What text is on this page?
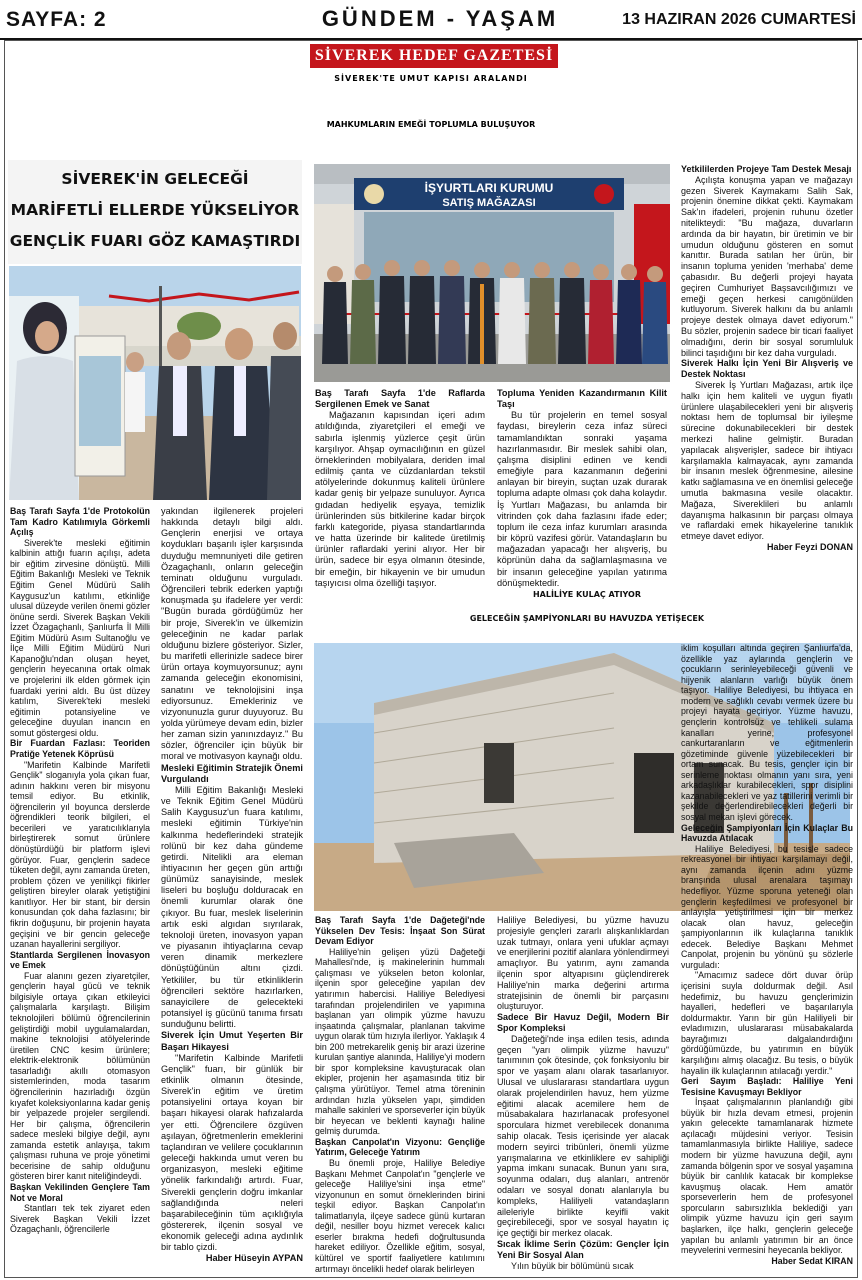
SAYFA: 2	GÜNDEM - YAŞAM	13 HAZIRAN 2026 CUMARTESİ
SİVEREK HEDEF GAZETESİ
SİVEREK'TE UMUT KAPISI ARALANDI
MAHKUMLARIN EMEĞİ TOPLUMLA BULUŞUYOR
SİVEREK'İN GELECEĞİ
MARİFETLİ ELLERDE YÜKSELİYOR
GENÇLİK FUARI GÖZ KAMAŞTIRDI
İŞYURTLARI KURUMU
SATIŞ MAĞAZASI

Baş Tarafı Sayfa 1'de Protokolün Tam Kadro Katılımıyla Görkemli Açılış

Siverek'te mesleki eğitimin kalbinin attığı fuarın açılışı, adeta bir eğitim zirvesine dönüştü. Milli Eğitim Bakanlığı Mesleki ve Teknik Eğitim Genel Müdürü Salih Kaygusuz'un katılımı, etkinliğe ulusal düzeyde verilen önemi gözler önüne serdi. Siverek Başkan Vekili İzzet Özagaçhanlı, Şanlıurfa İl Milli Eğitim Müdürü Asım Sultanoğlu ve İlçe Milli Eğitim Müdürü Nuri Kapanoğlu'ndan oluşan heyet, gençlerin heyecanına ortak olmak ve projelerini ilk elden görmek için fuardaki yerini aldı. Bu üst düzey katılım, Siverek'teki mesleki eğitimin potansiyeline ve geleceğine duyulan inancın en somut göstergesi oldu.

Bir Fuardan Fazlası: Teoriden Pratiğe Yetenek Köprüsü

"Marifetin Kalbinde Marifetli Gençlik" sloganıyla yola çıkan fuar, adının hakkını veren bir misyonu temsil ediyor. Bu etkinlik, öğrencilerin yıl boyunca derslerde öğrendikleri teorik bilgileri, el becerileri ve yaratıcılıklarıyla birleştirerek somut ürünlere dönüştürdüğü bir platform işlevi görüyor. Fuar, gençlerin sadece tüketen değil, aynı zamanda üreten, problem çözen ve yenilikçi fikirler geliştiren bireyler olarak yetiştiğini kanıtlıyor. Her bir stant, bir dersin konusundan çok daha fazlasını; bir fikrin doğuşunu, bir projenin hayata geçişini ve bir gencin geleceğe uzanan hayallerini sergiliyor.

Stantlarda Sergilenen İnovasyon ve Emek

Fuar alanını gezen ziyaretçiler, gençlerin hayal gücü ve teknik bilgisiyle ortaya çıkan etkileyici çalışmalarla karşılaştı. Bilişim teknolojileri bölümü öğrencilerinin geliştirdiği mobil uygulamalardan, makine teknolojisi atölyelerinde üretilen CNC kesim ürünlere; elektrik-elektronik bölümünün tasarladığı akıllı otomasyon sistemlerinden, moda tasarım öğrencilerinin hazırladığı özgün kıyafet koleksiyonlarına kadar geniş bir yelpazede projeler sergilendi. Her bir çalışma, öğrencilerin sadece mesleki bilgiye değil, aynı zamanda estetik anlayışa, takım çalışması ruhuna ve proje yönetimi becerisine de sahip olduğunu gösteren birer kanıt niteliğindeydi.

Başkan Vekilinden Gençlere Tam Not ve Moral

Stantları tek tek ziyaret eden Siverek Başkan Vekili İzzet Özagaçhanlı, öğrencilerle

yakından ilgilenerek projeleri hakkında detaylı bilgi aldı. Gençlerin enerjisi ve ortaya koydukları başarılı işler karşısında duyduğu memnuniyeti dile getiren Özagaçhanlı, onların geleceğin teminatı olduğunu vurguladı. Öğrencileri tebrik ederken yaptığı konuşmada şu ifadelere yer verdi: "Bugün burada gördüğümüz her bir proje, Siverek'in ve ülkemizin geleceğinin ne kadar parlak olduğunu bizlere gösteriyor. Sizler, bu marifetli ellerinizle sadece birer ürün ortaya koymuyorsunuz; aynı zamanda geleceğin ekonomisini, sanatını ve teknolojisini inşa ediyorsunuz. Emekleriniz ve vizyonunuzla gurur duyuyoruz. Bu yolda yürümeye devam edin, bizler her zaman sizin yanınızdayız." Bu sözler, öğrenciler için büyük bir moral ve motivasyon kaynağı oldu.

Mesleki Eğitimin Stratejik Önemi Vurgulandı

Milli Eğitim Bakanlığı Mesleki ve Teknik Eğitim Genel Müdürü Salih Kaygusuz'un fuara katılımı, mesleki eğitimin Türkiye'nin kalkınma hedeflerindeki stratejik rolünü bir kez daha gündeme getirdi. Nitelikli ara eleman ihtiyacının her geçen gün arttığı günümüz sanayisinde, meslek liseleri bu boşluğu dolduracak en önemli kurumlar olarak öne çıkıyor. Bu fuar, meslek liselerinin artık eski algıdan sıyrılarak, teknoloji üreten, inovasyon yapan ve piyasanın ihtiyaçlarına cevap veren dinamik merkezlere dönüştüğünün altını çizdi. Yetkililer, bu tür etkinliklerin öğrencileri sektöre hazırlarken, sanayicilere de gelecekteki potansiyel iş gücünü tanıma fırsatı sunduğunu belirtti.

Siverek İçin Umut Yeşerten Bir Başarı Hikayesi

"Marifetin Kalbinde Marifetli Gençlik" fuarı, bir günlük bir etkinlik olmanın ötesinde, Siverek'in eğitim ve üretim potansiyelini ortaya koyan bir başarı hikayesi olarak hafızalarda yer etti. Öğrencilere özgüven aşılayan, öğretmenlerin emeklerini taçlandıran ve velilere çocuklarının geleceği hakkında umut veren bu organizasyon, mesleki eğitime yönelik farkındalığı artırdı. Fuar, Siverekli gençlerin doğru imkanlar sağlandığında neleri başarabileceğinin tüm açıklığıyla göstererek, ilçenin sosyal ve ekonomik geleceği adına aydınlık bir tablo çizdi.

Haber Hüseyin AYPAN

Baş Tarafı Sayfa 1'de Raflarda Sergilenen Emek ve Sanat

Mağazanın kapısından içeri adım atıldığında, ziyaretçileri el emeği ve sabırla işlenmiş yüzlerce çeşit ürün karşılıyor. Ahşap oymacılığının en güzel örneklerinden mobilyalara, deriden imal edilmiş çanta ve cüzdanlardan tekstil atölyelerinde dokunmuş kaliteli ürünlere kadar geniş bir yelpaze sunuluyor. Ayrıca gıdadan hediyelik eşyaya, temizlik ürünlerinden süs bitkilerine kadar birçok farklı kategoride, piyasa standartlarında ve hatta üzerinde bir kalitede üretilmiş ürünler raflardaki yerini alıyor. Her bir ürün, sadece bir eşya olmanın ötesinde, bir emeğin, bir hikayenin ve bir umudun taşıyıcısı olma özelliği taşıyor.

Topluma Yeniden Kazandırmanın Kilit Taşı

Bu tür projelerin en temel sosyal faydası, bireylerin ceza infaz süreci tamamlandıktan sonraki yaşama hazırlanmasıdır. Bir meslek sahibi olan, çalışma disiplini edinen ve kendi emeğiyle para kazanmanın değerini anlayan bir bireyin, suçtan uzak durarak topluma adapte olması çok daha kolaydır. İş Yurtları Mağazası, bu anlamda bir vitrinden çok daha fazlasını ifade eder; toplum ile ceza infaz kurumları arasında bir köprü vazifesi görür. Vatandaşların bu mağazadan yapacağı her alışveriş, bu köprünün daha da sağlamlaşmasına ve bir insanın geleceğine yapılan yatırıma dönüşmektedir.

Yetkililerden Projeye Tam Destek Mesajı

Açılışta konuşma yapan ve mağazayı gezen Siverek Kaymakamı Salih Sak, projenin önemine dikkat çekti. Kaymakam Sak'ın ifadeleri, projenin ruhunu özetler nitelikteydi: "Bu mağaza, duvarların ardında da bir hayatın, bir üretimin ve bir umudun olduğunu gösteren en somut kanıttır. Burada satılan her ürün, bir insanın topluma yeniden 'merhaba' deme çabasıdır. Bu değerli projeyi hayata geçiren Cumhuriyet Başsavcılığımızı ve emeği geçen herkesi canıgönülden kutluyorum. Siverek halkını da bu anlamlı projeye destek olmaya davet ediyorum." Bu sözler, projenin sadece bir ticari faaliyet olmadığını, derin bir sosyal sorumluluk bilinci taşıdığını bir kez daha vurguladı.

Siverek Halkı İçin Yeni Bir Alışveriş ve Destek Noktası

Siverek İş Yurtları Mağazası, artık ilçe halkı için hem kaliteli ve uygun fiyatlı ürünlere ulaşabilecekleri yeni bir alışveriş noktası hem de toplumsal bir iyileşme sürecine dokunabilecekleri bir destek merkezi haline gelmiştir. Buradan yapılacak alışverişler, sadece bir ihtiyacı karşılamakla kalmayacak, aynı zamanda bir insanın meslek öğrenmesine, ailesine katkı sağlamasına ve en önemlisi geleceğe umutla bakmasına vesile olacaktır. Mağaza, Sivereklileri bu anlamlı dayanışma halkasının bir parçası olmaya ve raflardaki emek hikayelerine tanıklık etmeye davet ediyor.

Haber Feyzi DONAN

HALİLİYE KULAÇ ATIYOR
GELECEĞİN ŞAMPİYONLARI BU HAVUZDA YETİŞECEK

Baş Tarafı Sayfa 1'de Dağeteği'nde Yükselen Dev Tesis: İnşaat Son Sürat Devam Ediyor

Haliliye'nin gelişen yüzü Dağeteği Mahallesi'nde, iş makinelerinin hummalı çalışması ve yükselen beton kolonlar, ilçenin spor geleceğine yapılan dev yatırımın habercisi. Haliliye Belediyesi tarafından projelendirilen ve yapımına başlanan yarı olimpik yüzme havuzu inşaatında çalışmalar, planlanan takvime uygun olarak tüm hızıyla ilerliyor. Yaklaşık 4 bin 200 metrekarelik geniş bir arazi üzerine kurulan şantiye alanında, Haliliye'yi modern bir spor kompleksine kavuşturacak olan ekipler, projenin her aşamasında titiz bir çalışma yürütüyor. Temel atma töreninin ardından hızla yükselen yapı, şimdiden mahalle sakinleri ve sporseverler için büyük bir heyecan ve beklenti kaynağı haline gelmiş durumda.

Başkan Canpolat'ın Vizyonu: Gençliğe Yatırım, Geleceğe Yatırım

Bu önemli proje, Haliliye Belediye Başkanı Mehmet Canpolat'ın "gençlerle ve geleceğe Haliliye'sini inşa etme" vizyonunun en somut örneklerinden birini teşkil ediyor. Başkan Canpolat'ın talimatlarıyla, ilçeye sadece günü kurtaran değil, nesiller boyu hizmet verecek kalıcı eserler bırakma hedefi doğrultusunda hareket ediliyor. Özellikle eğitim, sosyal, kültürel ve sportif faaliyetlere katılımını artırmayı öncelikli hedef olarak belirleyen

Haliliye Belediyesi, bu yüzme havuzu projesiyle gençleri zararlı alışkanlıklardan uzak tutmayı, onlara yeni ufuklar açmayı ve enerjilerini pozitif alanlara yönlendirmeyi amaçlıyor. Bu yatırım, aynı zamanda ilçenin spor altyapısını güçlendirerek Haliliye'nin marka değerini artırma stratejisinin de önemli bir parçasını oluşturuyor.

Sadece Bir Havuz Değil, Modern Bir Spor Kompleksi

Dağeteği'nde inşa edilen tesis, adında geçen "yarı olimpik yüzme havuzu" tanımının çok ötesinde, çok fonksiyonlu bir spor ve yaşam alanı olarak tasarlanıyor. Ulusal ve uluslararası standartlara uygun olarak projelendirilen havuz, hem yüzme eğitimi alacak acemilere hem de müsabakalara hazırlanacak profesyonel sporculara hizmet verebilecek donanıma sahip olacak. Tesis içerisinde yer alacak modern seyirci tribünleri, önemli yüzme yarışmalarına ve etkinliklere ev sahipliği yapma imkanı sunacak. Bunun yanı sıra, soyunma odaları, duş alanları, antrenör odaları ve sosyal donatı alanlarıyla bu kompleks, Haliliyeli vatandaşların aileleriyle birlikte keyifli vakit geçirebileceği, spor ve sosyal hayatın iç içe geçtiği bir merkez olacak.

Sıcak İklime Serin Çözüm: Gençler İçin Yeni Bir Sosyal Alan

Yılın büyük bir bölümünü sıcak

iklim koşulları altında geçiren Şanlıurfa'da, özellikle yaz aylarında gençlerin ve çocukların serinleyebileceği güvenli ve hijyenik alanların varlığı büyük önem taşıyor. Haliliye Belediyesi, bu ihtiyaca en modern ve sağlıklı cevabı vermek üzere bu projeyi hayata geçiriyor. Yüzme havuzu, gençlerin kontrolsüz ve tehlikeli sulama kanalları yerine, profesyonel cankurtaranların ve eğitmenlerin gözetiminde güvenle yüzebilecekleri bir ortam sunacak. Bu tesis, gençler için bir serinleme noktası olmanın yanı sıra, yeni arkadaşlıklar kurabilecekleri, spor disiplini kazanabilecekleri ve yaz tatillerini verimli bir şekilde değerlendirebilecekleri değerli bir sosyal mekan işlevi görecek.

Geleceğin Şampiyonları İçin Kulaçlar Bu Havuzda Atılacak

Haliliye Belediyesi, bu tesisle sadece rekreasyonel bir ihtiyacı karşılamayı değil, aynı zamanda ilçenin adını yüzme branşında ulusal arenalara taşımayı hedefliyor. Yüzme sporuna yeteneği olan gençlerin keşfedilmesi ve profesyonel bir anlayışla yetiştirilmesi için bir merkez olacak olan havuz, geleceğin şampiyonlarının ilk kulaçlarına tanıklık edecek. Belediye Başkanı Mehmet Canpolat, projenin bu yönünü şu sözlerle vurguladı:

"Amacımız sadece dört duvar örüp içerisini suyla doldurmak değil. Asıl hedefimiz, bu havuzu gençlerimizin hayalleri, hedefleri ve başarılarıyla doldurmaktır. Yarın bir gün Haliliyeli bir evladımızın, uluslararası müsabakalarda bayrağımızı dalgalandırdığını gördüğümüzde, bu yatırımın en büyük karşılığını almış olacağız. Bu tesis, o büyük hayalin ilk kulaçlarının atılacağı yerdir."

Geri Sayım Başladı: Haliliye Yeni Tesisine Kavuşmayı Bekliyor

İnşaat çalışmalarının planlandığı gibi büyük bir hızla devam etmesi, projenin yakın gelecekte tamamlanarak hizmete açılacağı müjdesini veriyor. Tesisin tamamlanmasıyla birlikte Haliliye, sadece modern bir yüzme havuzuna değil, aynı zamanda bölgenin spor ve sosyal yaşamına büyük bir canlılık katacak bir komplekse kavuşmuş olacak. Hem amatör sporseverlerin hem de profesyonel sporcuların sabırsızlıkla beklediği yarı olimpik yüzme havuzu için geri sayım başlarken, ilçe halkı, gençlerin geleceğe yapılan bu anlamlı yatırımın bir an önce meyvelerini vermesini heyecanla bekliyor.

Haber Sedat KIRAN
